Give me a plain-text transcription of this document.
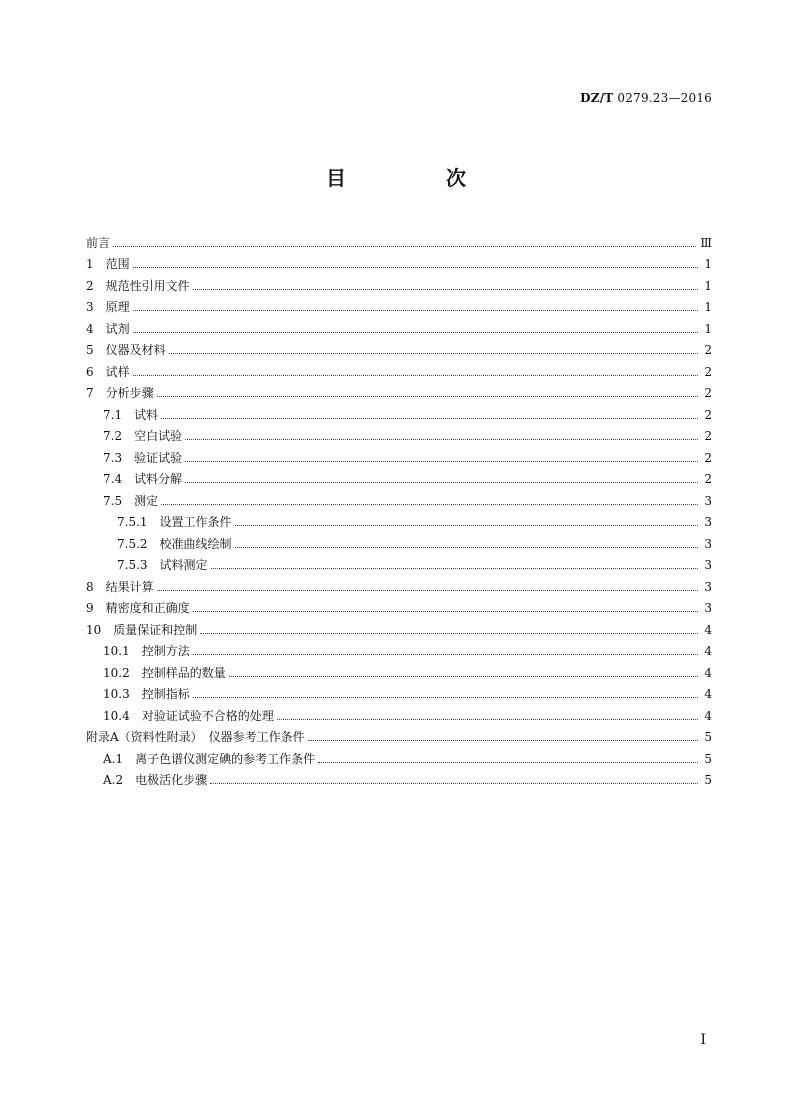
DZ/T 0279.23—2016
目　次
前言	Ⅲ
1　 范围	1
2　 规范性引用文件	1
3　 原理	1
4　 试剂	1
5　 仪器及材料	2
6　 试样	2
7　 分析步骤	2
7.1　 试料	2
7.2　 空白试验	2
7.3　 验证试验	2
7.4　 试料分解	2
7.5　 测定	3
7.5.1　 设置工作条件	3
7.5.2　 校准曲线绘制	3
7.5.3　 试料测定	3
8　 结果计算	3
9　 精密度和正确度	3
10　 质量保证和控制	4
10.1　 控制方法	4
10.2　 控制样品的数量	4
10.3　 控制指标	4
10.4　 对验证试验不合格的处理	4
附录A （资料性附录）　仪器参考工作条件	5
A.1　 离子色谱仪测定碘的参考工作条件	5
A.2　 电极活化步骤	5
I
